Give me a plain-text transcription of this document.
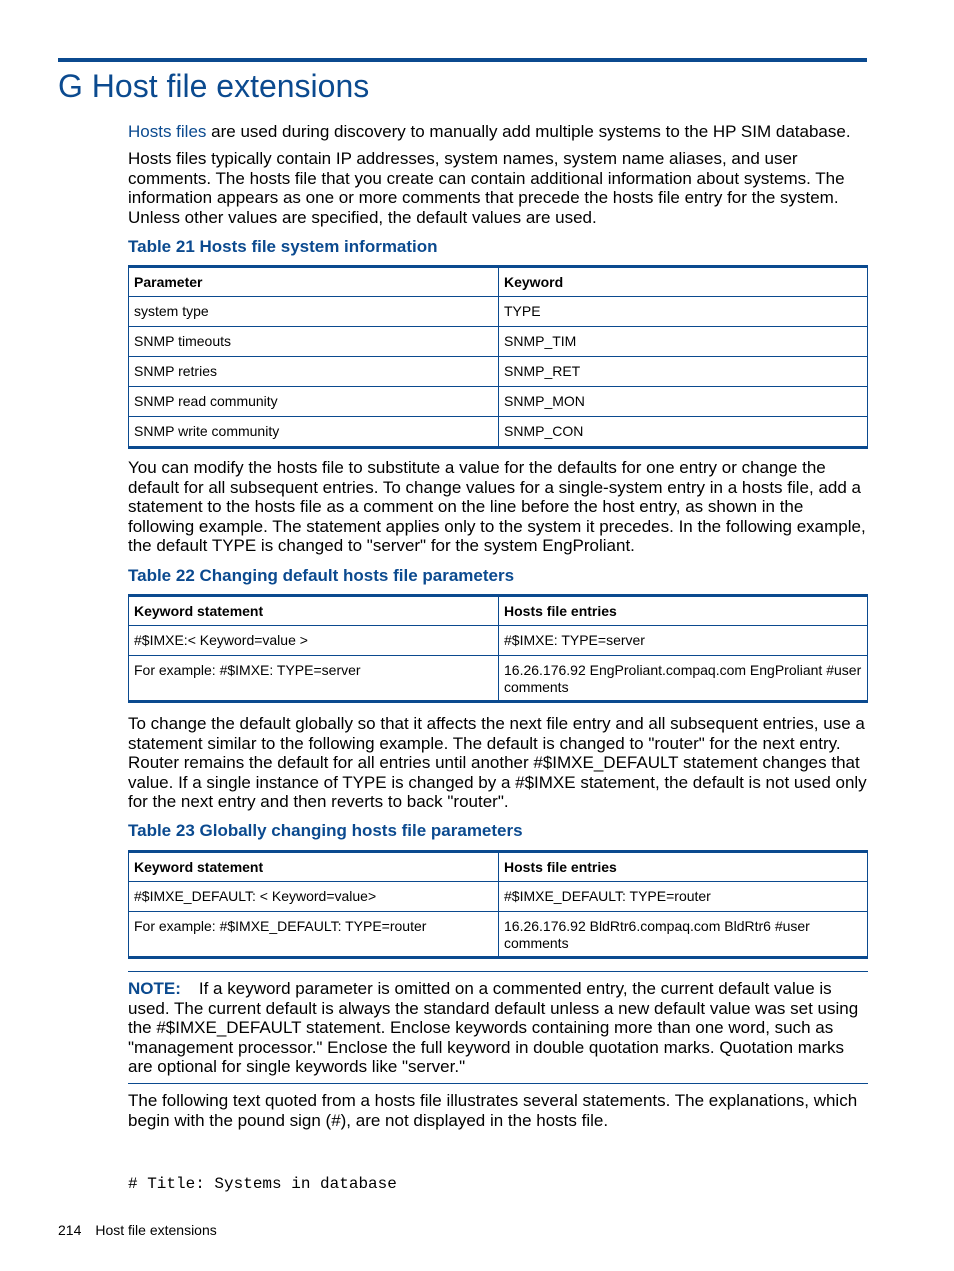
G Host file extensions

Hosts files are used during discovery to manually add multiple systems to the HP SIM database.

Hosts files typically contain IP addresses, system names, system name aliases, and user comments. The hosts file that you create can contain additional information about systems. The information appears as one or more comments that precede the hosts file entry for the system. Unless other values are specified, the default values are used.

Table 21 Hosts file system information

Parameter	Keyword
system type	TYPE
SNMP timeouts	SNMP_TIM
SNMP retries	SNMP_RET
SNMP read community	SNMP_MON
SNMP write community	SNMP_CON

You can modify the hosts file to substitute a value for the defaults for one entry or change the default for all subsequent entries. To change values for a single-system entry in a hosts file, add a statement to the hosts file as a comment on the line before the host entry, as shown in the following example. The statement applies only to the system it precedes. In the following example, the default TYPE is changed to "server" for the system EngProliant.

Table 22 Changing default hosts file parameters

Keyword statement	Hosts file entries
#$IMXE:< Keyword=value >	#$IMXE: TYPE=server
For example: #$IMXE: TYPE=server	16.26.176.92 EngProliant.compaq.com EngProliant #user comments

To change the default globally so that it affects the next file entry and all subsequent entries, use a statement similar to the following example. The default is changed to "router" for the next entry. Router remains the default for all entries until another #$IMXE_DEFAULT statement changes that value. If a single instance of TYPE is changed by a #$IMXE statement, the default is not used only for the next entry and then reverts to back "router".

Table 23 Globally changing hosts file parameters

Keyword statement	Hosts file entries
#$IMXE_DEFAULT: < Keyword=value>	#$IMXE_DEFAULT: TYPE=router
For example: #$IMXE_DEFAULT: TYPE=router	16.26.176.92 BldRtr6.compaq.com BldRtr6 #user comments

NOTE: If a keyword parameter is omitted on a commented entry, the current default value is used. The current default is always the standard default unless a new default value was set using the #$IMXE_DEFAULT statement. Enclose keywords containing more than one word, such as "management processor." Enclose the full keyword in double quotation marks. Quotation marks are optional for single keywords like "server."

The following text quoted from a hosts file illustrates several statements. The explanations, which begin with the pound sign (#), are not displayed in the hosts file.

# Title: Systems in database

214 Host file extensions
